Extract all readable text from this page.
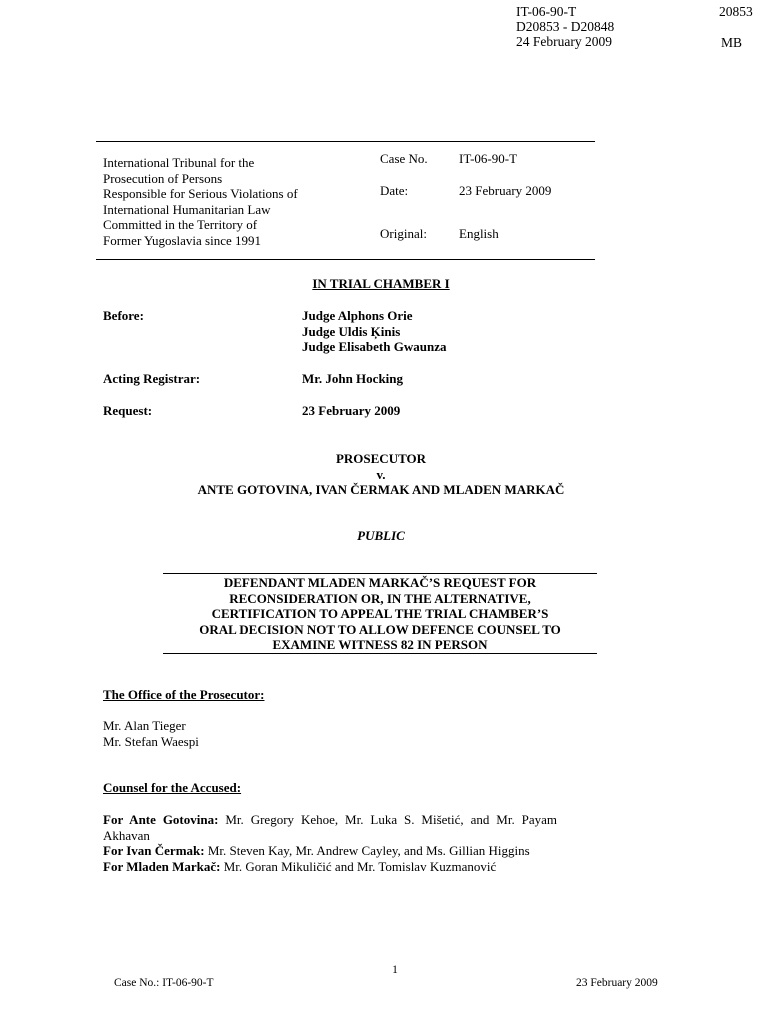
IT-06-90-T
D20853 - D20848
24 February 2009
20853
MB
International Tribunal for the
Prosecution of Persons
Responsible for Serious Violations of
International Humanitarian Law
Committed in the Territory of
Former Yugoslavia since 1991
Case No. IT-06-90-T
Date:	23 February 2009
Original: English
IN TRIAL CHAMBER I
Before:	Judge Alphons Orie
Judge Uldis Ķinis
Judge Elisabeth Gwaunza
Acting Registrar:	Mr. John Hocking
Request:	23 February 2009
PROSECUTOR
v.
ANTE GOTOVINA, IVAN ČERMAK AND MLADEN MARKAČ
PUBLIC
DEFENDANT MLADEN MARKAČ’S REQUEST FOR
RECONSIDERATION OR, IN THE ALTERNATIVE,
CERTIFICATION TO APPEAL THE TRIAL CHAMBER’S
ORAL DECISION NOT TO ALLOW DEFENCE COUNSEL TO
EXAMINE WITNESS 82 IN PERSON
The Office of the Prosecutor:
Mr. Alan Tieger
Mr. Stefan Waespi
Counsel for the Accused:
For Ante Gotovina: Mr. Gregory Kehoe, Mr. Luka S. Mišetić, and Mr. Payam Akhavan
For Ivan Čermak: Mr. Steven Kay, Mr. Andrew Cayley, and Ms. Gillian Higgins
For Mladen Markač: Mr. Goran Mikuličić and Mr. Tomislav Kuzmanović
1
Case No.: IT-06-90-T	23 February 2009
